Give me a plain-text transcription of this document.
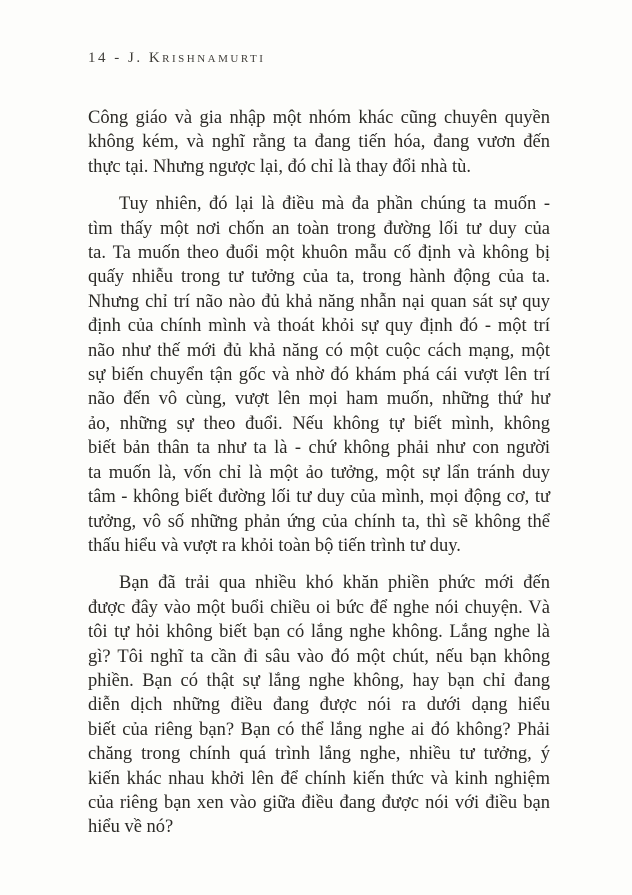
14 - J. Krishnamurti
Công giáo và gia nhập một nhóm khác cũng chuyên quyền
không kém, và nghĩ rằng ta đang tiến hóa, đang vươn đến
thực tại. Nhưng ngược lại, đó chỉ là thay đổi nhà tù.
Tuy nhiên, đó lại là điều mà đa phần chúng ta muốn -
tìm thấy một nơi chốn an toàn trong đường lối tư duy của
ta. Ta muốn theo đuổi một khuôn mẫu cố định và không bị
quấy nhiễu trong tư tưởng của ta, trong hành động của ta.
Nhưng chỉ trí não nào đủ khả năng nhẫn nại quan sát sự quy
định của chính mình và thoát khỏi sự quy định đó - một trí
não như thế mới đủ khả năng có một cuộc cách mạng, một
sự biến chuyển tận gốc và nhờ đó khám phá cái vượt lên trí
não đến vô cùng, vượt lên mọi ham muốn, những thứ hư
ảo, những sự theo đuổi. Nếu không tự biết mình, không
biết bản thân ta như ta là - chứ không phải như con người
ta muốn là, vốn chỉ là một ảo tưởng, một sự lẩn tránh duy
tâm - không biết đường lối tư duy của mình, mọi động cơ, tư
tưởng, vô số những phản ứng của chính ta, thì sẽ không thể
thấu hiểu và vượt ra khỏi toàn bộ tiến trình tư duy.
Bạn đã trải qua nhiều khó khăn phiền phức mới đến
được đây vào một buổi chiều oi bức để nghe nói chuyện. Và
tôi tự hỏi không biết bạn có lắng nghe không. Lắng nghe là
gì? Tôi nghĩ ta cần đi sâu vào đó một chút, nếu bạn không
phiền. Bạn có thật sự lắng nghe không, hay bạn chỉ đang
diễn dịch những điều đang được nói ra dưới dạng hiểu
biết của riêng bạn? Bạn có thể lắng nghe ai đó không? Phải
chăng trong chính quá trình lắng nghe, nhiều tư tưởng, ý
kiến khác nhau khởi lên để chính kiến thức và kinh nghiệm
của riêng bạn xen vào giữa điều đang được nói với điều bạn
hiểu về nó?
